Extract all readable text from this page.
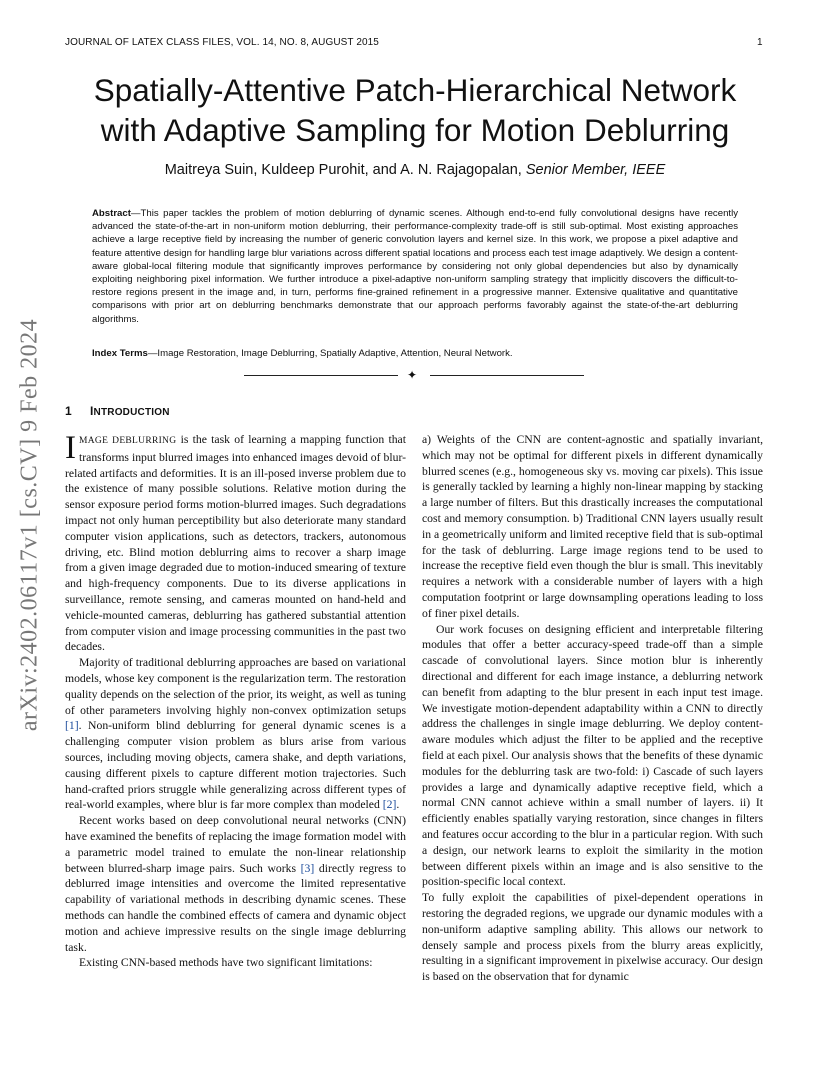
JOURNAL OF LATEX CLASS FILES, VOL. 14, NO. 8, AUGUST 2015	1
arXiv:2402.06117v1 [cs.CV] 9 Feb 2024
Spatially-Attentive Patch-Hierarchical Network
with Adaptive Sampling for Motion Deblurring
Maitreya Suin, Kuldeep Purohit, and A. N. Rajagopalan, Senior Member, IEEE
Abstract—This paper tackles the problem of motion deblurring of dynamic scenes. Although end-to-end fully convolutional designs have recently advanced the state-of-the-art in non-uniform motion deblurring, their performance-complexity trade-off is still sub-optimal. Most existing approaches achieve a large receptive field by increasing the number of generic convolution layers and kernel size. In this work, we propose a pixel adaptive and feature attentive design for handling large blur variations across different spatial locations and process each test image adaptively. We design a content-aware global-local filtering module that significantly improves performance by considering not only global dependencies but also by dynamically exploiting neighboring pixel information. We further introduce a pixel-adaptive non-uniform sampling strategy that implicitly discovers the difficult-to-restore regions present in the image and, in turn, performs fine-grained refinement in a progressive manner. Extensive qualitative and quantitative comparisons with prior art on deblurring benchmarks demonstrate that our approach performs favorably against the state-of-the-art deblurring algorithms.
Index Terms—Image Restoration, Image Deblurring, Spatially Adaptive, Attention, Neural Network.
✦
1 INTRODUCTION

IMAGE DEBLURRING is the task of learning a mapping function that transforms input blurred images into enhanced images devoid of blur-related artifacts and deformities. It is an ill-posed inverse problem due to the existence of many possible solutions. Relative motion during the sensor exposure period forms motion-blurred images. Such degradations impact not only human perceptibility but also deteriorate many standard computer vision applications, such as detectors, trackers, autonomous driving, etc. Blind motion deblurring aims to recover a sharp image from a given image degraded due to motion-induced smearing of texture and high-frequency components. Due to its diverse applications in surveillance, remote sensing, and cameras mounted on hand-held and vehicle-mounted cameras, deblurring has gathered substantial attention from computer vision and image processing communities in the past two decades.

Majority of traditional deblurring approaches are based on variational models, whose key component is the regularization term. The restoration quality depends on the selection of the prior, its weight, as well as tuning of other parameters involving highly non-convex optimization setups [1]. Non-uniform blind deblurring for general dynamic scenes is a challenging computer vision problem as blurs arise from various sources, including moving objects, camera shake, and depth variations, causing different pixels to capture different motion trajectories. Such hand-crafted priors struggle while generalizing across different types of real-world examples, where blur is far more complex than modeled [2].

Recent works based on deep convolutional neural networks (CNN) have examined the benefits of replacing the image formation model with a parametric model trained to emulate the non-linear relationship between blurred-sharp image pairs. Such works [3] directly regress to deblurred image intensities and overcome the limited representative capability of variational methods in describing dynamic scenes. These methods can handle the combined effects of camera and dynamic object motion and achieve impressive results on the single image deblurring task.

Existing CNN-based methods have two significant limitations:

a) Weights of the CNN are content-agnostic and spatially invariant, which may not be optimal for different pixels in different dynamically blurred scenes (e.g., homogeneous sky vs. moving car pixels). This issue is generally tackled by learning a highly non-linear mapping by stacking a large number of filters. But this drastically increases the computational cost and memory consumption. b) Traditional CNN layers usually result in a geometrically uniform and limited receptive field that is sub-optimal for the task of deblurring. Large image regions tend to be used to increase the receptive field even though the blur is small. This inevitably requires a network with a considerable number of layers with a high computation footprint or large downsampling operations leading to loss of finer pixel details.

Our work focuses on designing efficient and interpretable filtering modules that offer a better accuracy-speed trade-off than a simple cascade of convolutional layers. Since motion blur is inherently directional and different for each image instance, a deblurring network can benefit from adapting to the blur present in each input test image. We investigate motion-dependent adaptability within a CNN to directly address the challenges in single image deblurring. We deploy content-aware modules which adjust the filter to be applied and the receptive field at each pixel. Our analysis shows that the benefits of these dynamic modules for the deblurring task are two-fold: i) Cascade of such layers provides a large and dynamically adaptive receptive field, which a normal CNN cannot achieve within a small number of layers. ii) It efficiently enables spatially varying restoration, since changes in filters and features occur according to the blur in a particular region. With such a design, our network learns to exploit the similarity in the motion between different pixels within an image and is also sensitive to the position-specific local context.

To fully exploit the capabilities of pixel-dependent operations in restoring the degraded regions, we upgrade our dynamic modules with a non-uniform adaptive sampling ability. This allows our network to densely sample and process pixels from the blurry areas explicitly, resulting in a significant improvement in pixelwise accuracy. Our design is based on the observation that for dynamic
